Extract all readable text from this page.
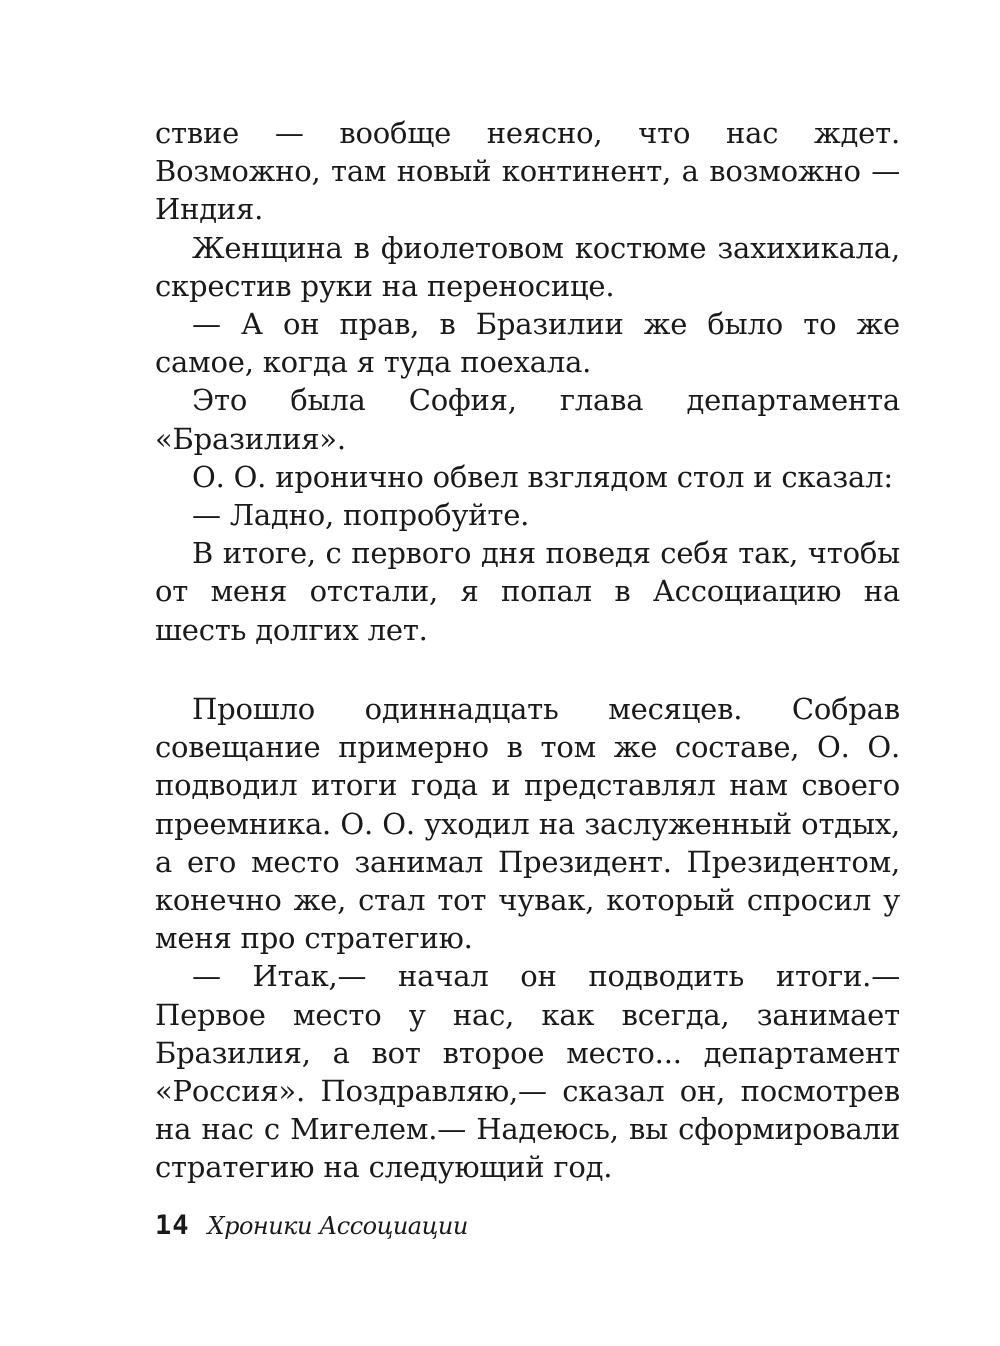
ствие — вообще неясно, что нас ждет. Возможно, там новый континент, а возможно — Индия.

Женщина в фиолетовом костюме захихикала, скрестив руки на переносице.

— А он прав, в Бразилии же было то же самое, когда я туда поехала.

Это была София, глава департамента «Бразилия».

О. О. иронично обвел взглядом стол и сказал:

— Ладно, попробуйте.

В итоге, с первого дня поведя себя так, чтобы от меня отстали, я попал в Ассоциацию на шесть долгих лет.

Прошло одиннадцать месяцев. Собрав совещание примерно в том же составе, О. О. подводил итоги года и представлял нам своего преемника. О. О. уходил на заслуженный отдых, а его место занимал Президент. Президентом, конечно же, стал тот чувак, который спросил у меня про стратегию.

— Итак,— начал он подводить итоги.— Первое место у нас, как всегда, занимает Бразилия, а вот второе место... департамент «Россия». Поздравляю,— сказал он, посмотрев на нас с Мигелем.— Надеюсь, вы сформировали стратегию на следующий год.

14 Хроники Ассоциации
